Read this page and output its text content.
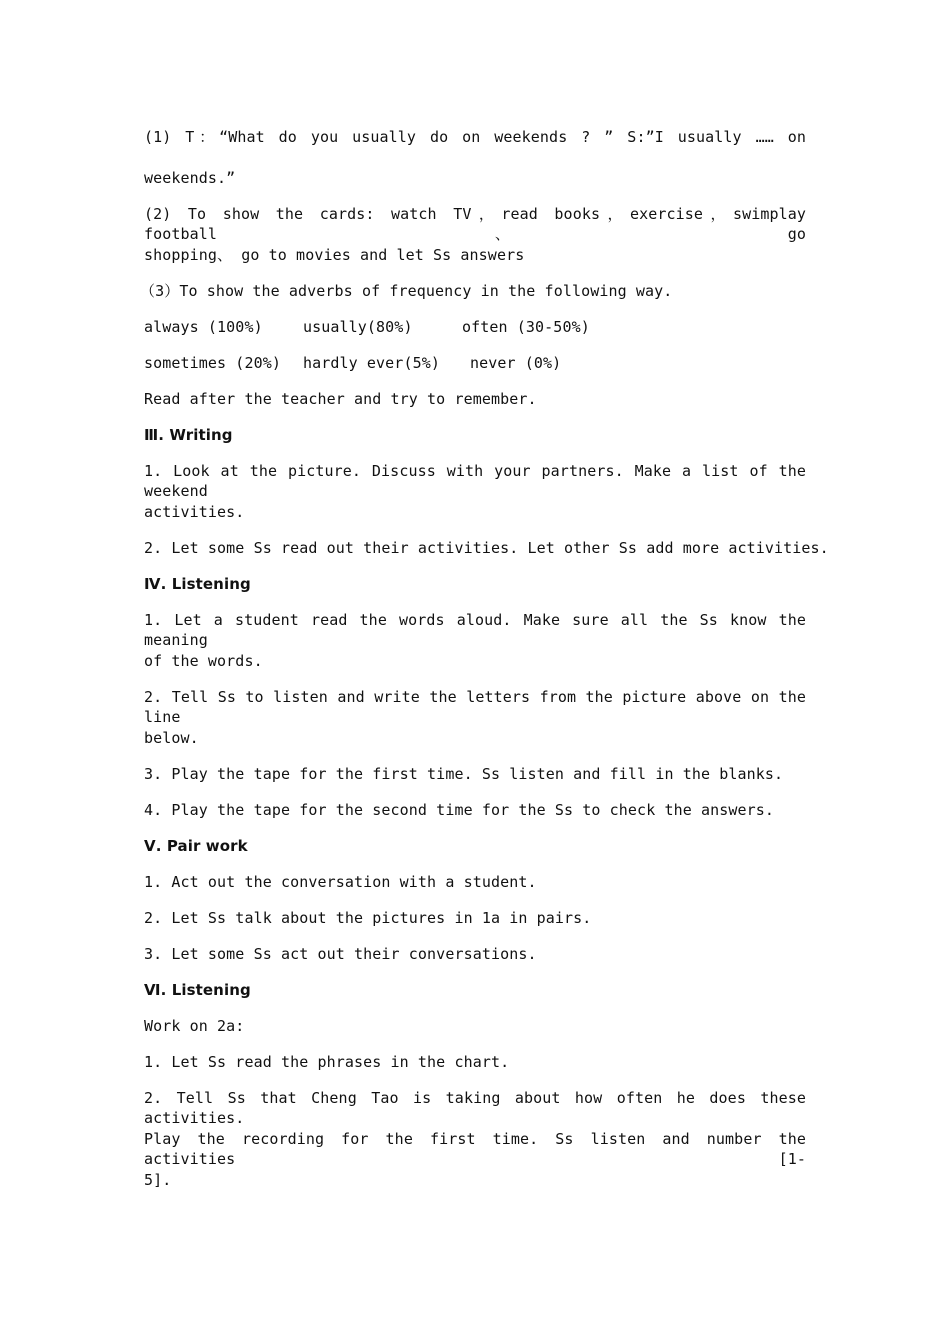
(1) T：“What do you usually do on weekends ? ” S:”I usually …… on
weekends.”
(2) To show the cards: watch TV，read books，exercise，swimplay football、go
shopping、 go to movies and let Ss answers
（3）To show the adverbs of frequency in the following way.
always (100%)	usually(80%)	often (30-50%)
sometimes (20%) hardly ever(5%) never (0%)
Read after the teacher and try to remember.
Ⅲ. Writing
1. Look at the picture. Discuss with your partners. Make a list of the weekend
activities.
2. Let some Ss read out their activities. Let other Ss add more activities.
Ⅳ. Listening
1. Let a student read the words aloud. Make sure all the Ss know the meaning
of the words.
2. Tell Ss to listen and write the letters from the picture above on the line
below.
3. Play the tape for the first time. Ss listen and fill in the blanks.
4. Play the tape for the second time for the Ss to check the answers.
Ⅴ. Pair work
1. Act out the conversation with a student.
2. Let Ss talk about the pictures in 1a in pairs.
3. Let some Ss act out their conversations.
Ⅵ. Listening
Work on 2a:
1. Let Ss read the phrases in the chart.
2. Tell Ss that Cheng Tao is taking about how often he does these activities.
Play the recording for the first time. Ss listen and number the activities [1-
5].
